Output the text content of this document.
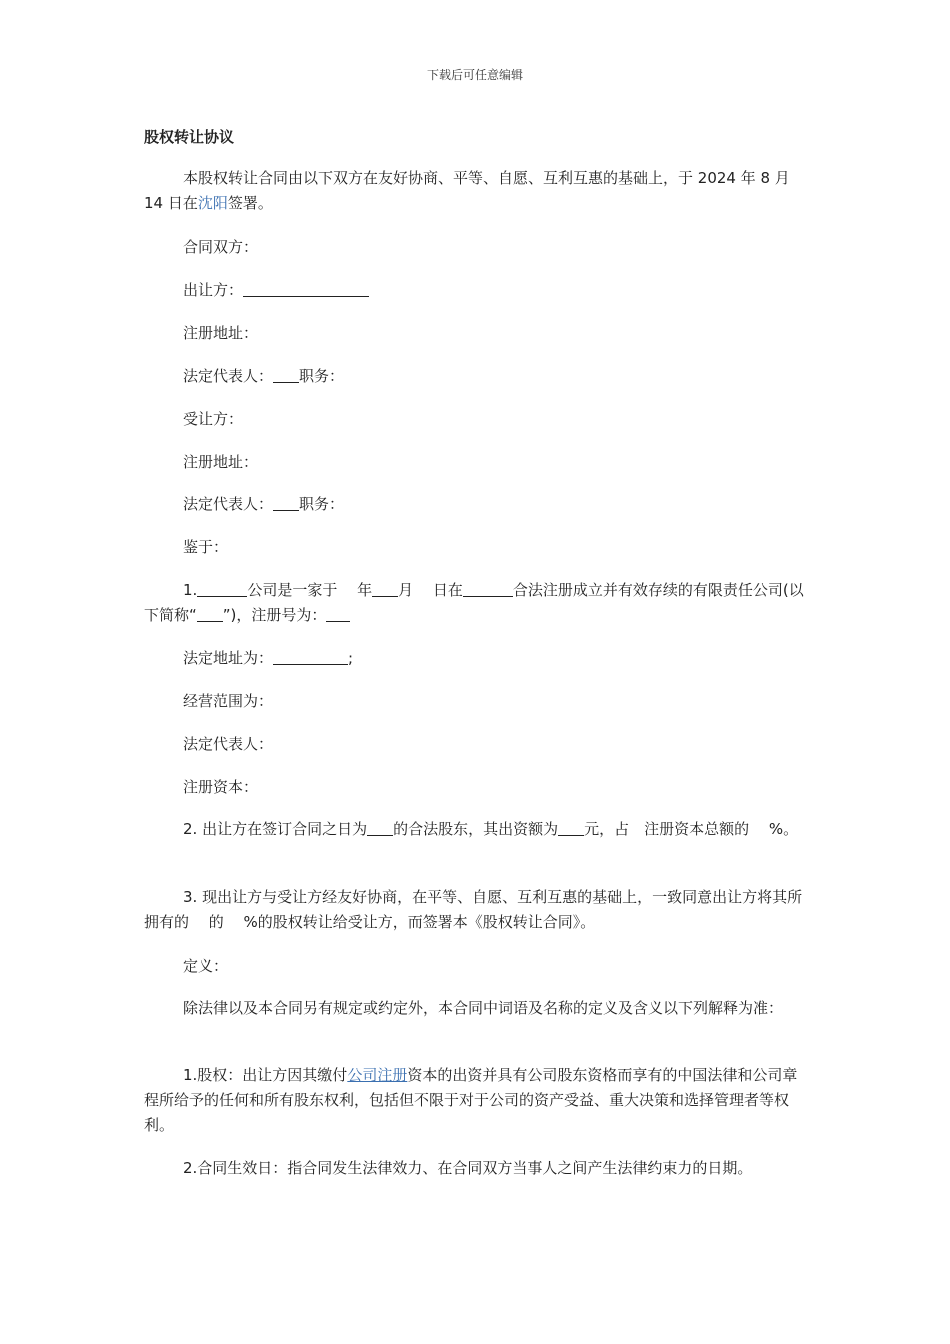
下载后可任意编辑
股权转让协议
本股权转让合同由以下双方在友好协商、平等、自愿、互利互惠的基础上，于 2024 年 8 月 14 日在沈阳签署。
合同双方：
出让方：
注册地址：
法定代表人： 职务：
受让方：
注册地址：
法定代表人： 职务：
鉴于：
1.	公司是一家于　 年 月　 日在	合法注册成立并有效存续的有限责任公司(以下简称“ ”)，注册号为：
法定地址为：	;
经营范围为：
法定代表人：
注册资本：
2. 出让方在签订合同之日为 的合法股东，其出资额为 元，占　注册资本总额的　 %。
3. 现出让方与受让方经友好协商，在平等、自愿、互利互惠的基础上，一致同意出让方将其所拥有的　 的　 %的股权转让给受让方，而签署本《股权转让合同》。
定义：
除法律以及本合同另有规定或约定外，本合同中词语及名称的定义及含义以下列解释为准：
1.股权：出让方因其缴付公司注册资本的出资并具有公司股东资格而享有的中国法律和公司章程所给予的任何和所有股东权利，包括但不限于对于公司的资产受益、重大决策和选择管理者等权利。
2.合同生效日：指合同发生法律效力、在合同双方当事人之间产生法律约束力的日期。
